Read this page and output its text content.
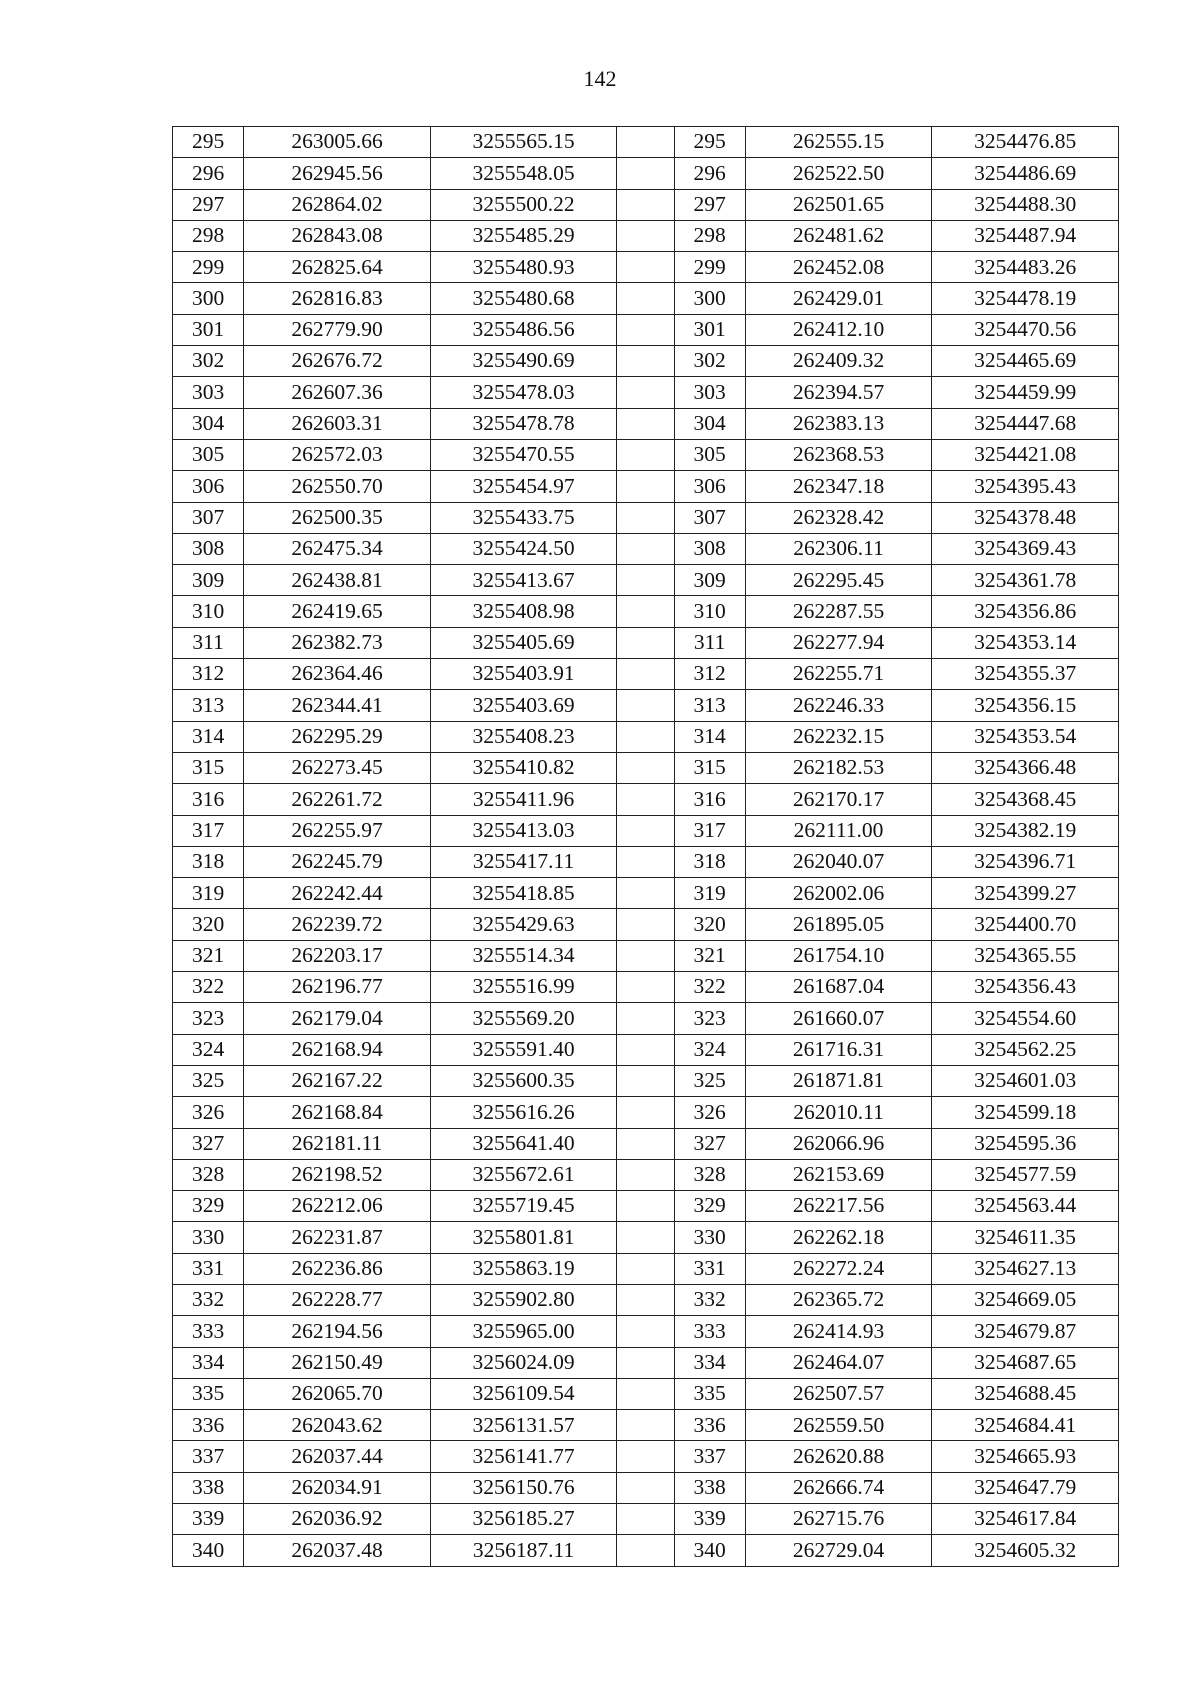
142
295	263005.66	3255565.15		295	262555.15	3254476.85
296	262945.56	3255548.05		296	262522.50	3254486.69
297	262864.02	3255500.22		297	262501.65	3254488.30
298	262843.08	3255485.29		298	262481.62	3254487.94
299	262825.64	3255480.93		299	262452.08	3254483.26
300	262816.83	3255480.68		300	262429.01	3254478.19
301	262779.90	3255486.56		301	262412.10	3254470.56
302	262676.72	3255490.69		302	262409.32	3254465.69
303	262607.36	3255478.03		303	262394.57	3254459.99
304	262603.31	3255478.78		304	262383.13	3254447.68
305	262572.03	3255470.55		305	262368.53	3254421.08
306	262550.70	3255454.97		306	262347.18	3254395.43
307	262500.35	3255433.75		307	262328.42	3254378.48
308	262475.34	3255424.50		308	262306.11	3254369.43
309	262438.81	3255413.67		309	262295.45	3254361.78
310	262419.65	3255408.98		310	262287.55	3254356.86
311	262382.73	3255405.69		311	262277.94	3254353.14
312	262364.46	3255403.91		312	262255.71	3254355.37
313	262344.41	3255403.69		313	262246.33	3254356.15
314	262295.29	3255408.23		314	262232.15	3254353.54
315	262273.45	3255410.82		315	262182.53	3254366.48
316	262261.72	3255411.96		316	262170.17	3254368.45
317	262255.97	3255413.03		317	262111.00	3254382.19
318	262245.79	3255417.11		318	262040.07	3254396.71
319	262242.44	3255418.85		319	262002.06	3254399.27
320	262239.72	3255429.63		320	261895.05	3254400.70
321	262203.17	3255514.34		321	261754.10	3254365.55
322	262196.77	3255516.99		322	261687.04	3254356.43
323	262179.04	3255569.20		323	261660.07	3254554.60
324	262168.94	3255591.40		324	261716.31	3254562.25
325	262167.22	3255600.35		325	261871.81	3254601.03
326	262168.84	3255616.26		326	262010.11	3254599.18
327	262181.11	3255641.40		327	262066.96	3254595.36
328	262198.52	3255672.61		328	262153.69	3254577.59
329	262212.06	3255719.45		329	262217.56	3254563.44
330	262231.87	3255801.81		330	262262.18	3254611.35
331	262236.86	3255863.19		331	262272.24	3254627.13
332	262228.77	3255902.80		332	262365.72	3254669.05
333	262194.56	3255965.00		333	262414.93	3254679.87
334	262150.49	3256024.09		334	262464.07	3254687.65
335	262065.70	3256109.54		335	262507.57	3254688.45
336	262043.62	3256131.57		336	262559.50	3254684.41
337	262037.44	3256141.77		337	262620.88	3254665.93
338	262034.91	3256150.76		338	262666.74	3254647.79
339	262036.92	3256185.27		339	262715.76	3254617.84
340	262037.48	3256187.11		340	262729.04	3254605.32
